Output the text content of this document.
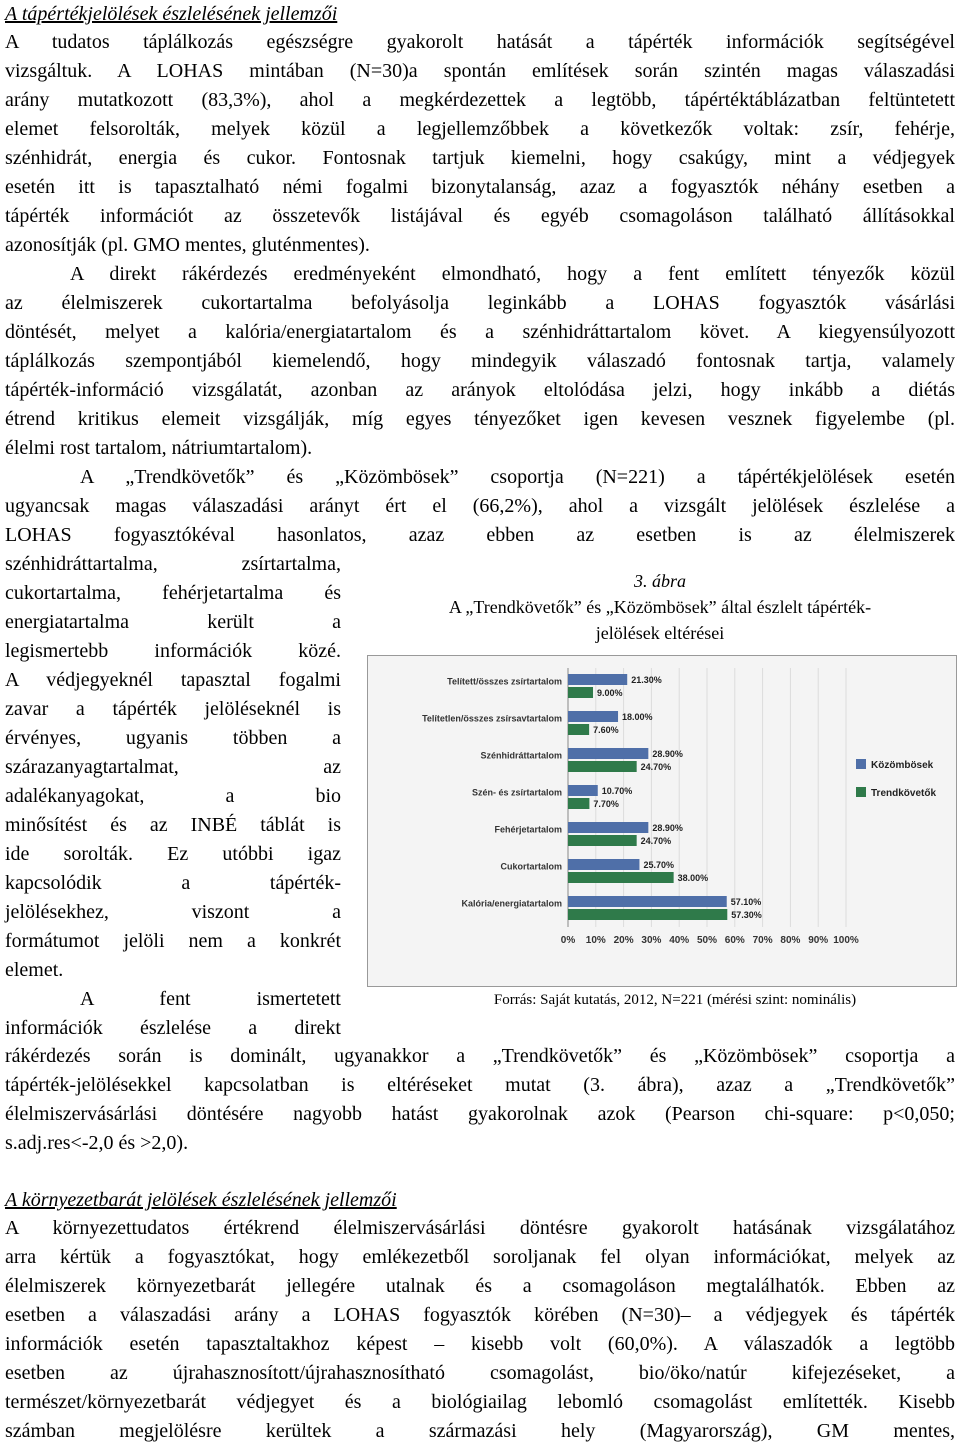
A tápértékjelölések észlelésének jellemzői
A tudatos táplálkozás egészségre gyakorolt hatását a tápérték információk segítségével
vizsgáltuk. A LOHAS mintában (N=30)a spontán említések során szintén magas válaszadási
arány mutatkozott (83,3%), ahol a megkérdezettek a legtöbb, tápértéktáblázatban feltüntetett
elemet felsorolták, melyek közül a legjellemzőbbek a következők voltak: zsír, fehérje,
szénhidrát, energia és cukor. Fontosnak tartjuk kiemelni, hogy csakúgy, mint a védjegyek
esetén itt is tapasztalható némi fogalmi bizonytalanság, azaz a fogyasztók néhány esetben a
tápérték információt az összetevők listájával és egyéb csomagoláson található állításokkal
azonosítják (pl. GMO mentes, gluténmentes).
A direkt rákérdezés eredményeként elmondható, hogy a fent említett tényezők közül
az élelmiszerek cukortartalma befolyásolja leginkább a LOHAS fogyasztók vásárlási
döntését, melyet a kalória/energiatartalom és a szénhidráttartalom követ. A kiegyensúlyozott
táplálkozás szempontjából kiemelendő, hogy mindegyik válaszadó fontosnak tartja, valamely
tápérték-információ vizsgálatát, azonban az arányok eltolódása jelzi, hogy inkább a diétás
étrend kritikus elemeit vizsgálják, míg egyes tényezőket igen kevesen vesznek figyelembe (pl.
élelmi rost tartalom, nátriumtartalom).
A „Trendkövetők” és „Közömbösek” csoportja (N=221) a tápértékjelölések esetén
ugyancsak magas válaszadási arányt ért el (66,2%), ahol a vizsgált jelölések észlelése a
LOHAS fogyasztókéval hasonlatos, azaz ebben az esetben is az élelmiszerek
szénhidráttartalma, zsírtartalma,
cukortartalma, fehérjetartalma és
energiatartalma került a
legismertebb információk közé.
A védjegyeknél tapasztal fogalmi
zavar a tápérték jelöléseknél is
érvényes, ugyanis többen a
szárazanyagtartalmat, az
adalékanyagokat, a bio
minősítést és az INBÉ táblát is
ide sorolták. Ez utóbbi igaz
kapcsolódik a tápérték-
jelölésekhez, viszont a
formátumot jelöli nem a konkrét
elemet.
A fent ismertetett
információk észlelése a direkt
rákérdezés során is dominált, ugyanakkor a „Trendkövetők” és „Közömbösek” csoportja a
tápérték-jelölésekkel kapcsolatban is eltéréseket mutat (3. ábra), azaz a „Trendkövetők”
élelmiszervásárlási döntésére nagyobb hatást gyakorolnak azok (Pearson chi-square: p<0,050;
s.adj.res<-2,0 és >2,0).
3. ábra
A „Trendkövetők” és „Közömbösek” által észlelt tápérték-
jelölések eltérései
0% 10% 20% 30% 40% 50% 60% 70% 80% 90% 100%
Telített/összes zsírtartalom	21.30%
9.00%
Telítetlen/összes zsírsavtartalom	18.00%
7.60%
Szénhidráttartalom	28.90%
24.70%
Szén- és zsírtartalom	10.70%
7.70%
Fehérjetartalom	28.90%
24.70%
Cukortartalom	25.70%
38.00%
Kalória/energiatartalom	57.10%
57.30%
Közömbösek
Trendkövetők
Forrás: Saját kutatás, 2012, N=221 (mérési szint: nominális)
A környezetbarát jelölések észlelésének jellemzői
A környezettudatos értékrend élelmiszervásárlási döntésre gyakorolt hatásának vizsgálatához
arra kértük a fogyasztókat, hogy emlékezetből soroljanak fel olyan információkat, melyek az
élelmiszerek környezetbarát jellegére utalnak és a csomagoláson megtalálhatók. Ebben az
esetben a válaszadási arány a LOHAS fogyasztók körében (N=30)– a védjegyek és tápérték
információk esetén tapasztaltakhoz képest – kisebb volt (60,0%). A válaszadók a legtöbb
esetben az újrahasznosított/újrahasznosítható csomagolást, bio/öko/natúr kifejezéseket, a
természet/környezetbarát védjegyet és a biológiailag lebomló csomagolást említették. Kisebb
számban megjelölésre kerültek a származási hely (Magyarország), GM mentes,
